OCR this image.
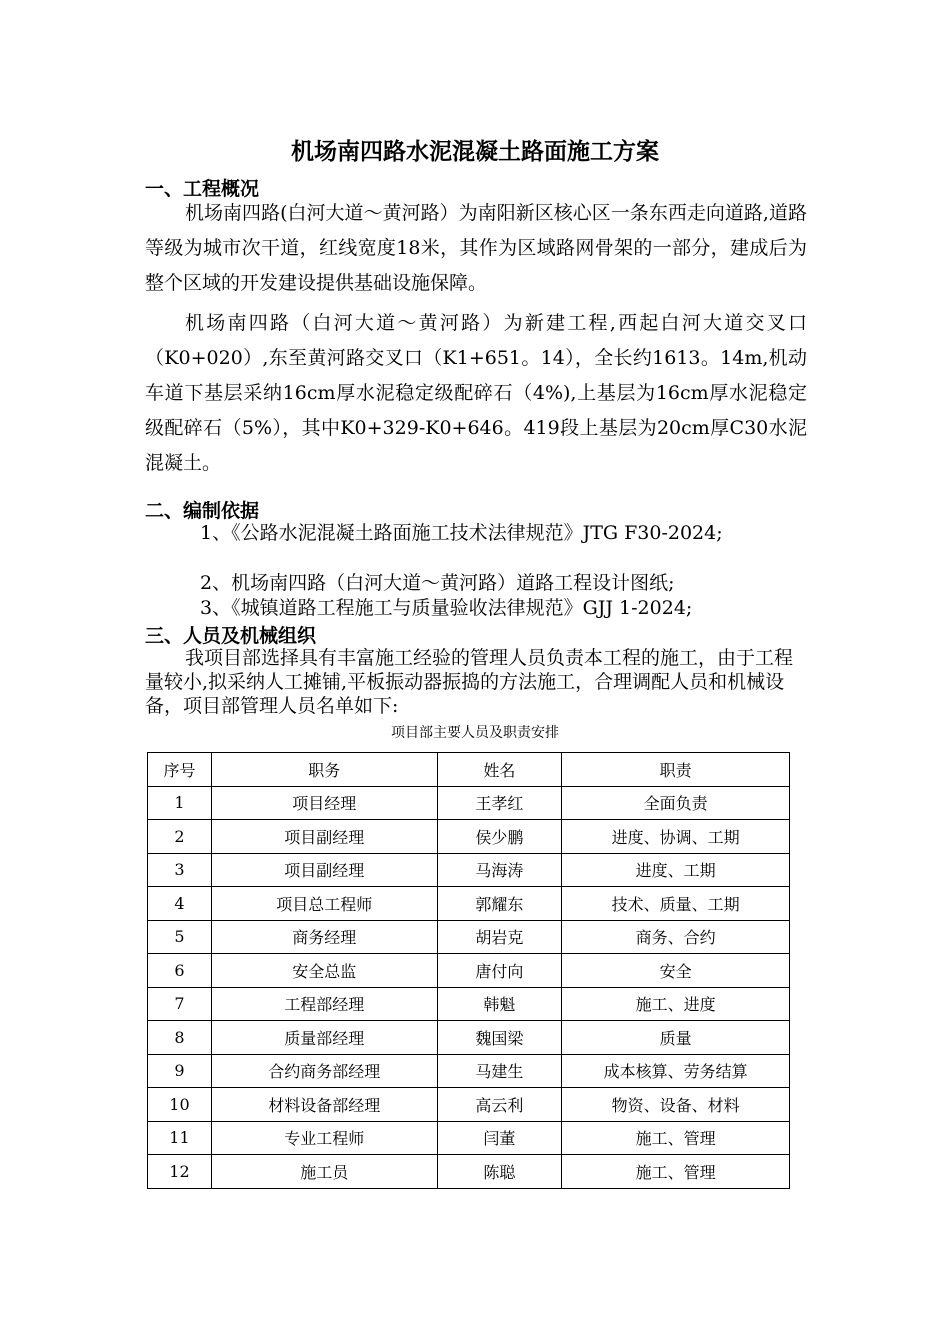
机场南四路水泥混凝土路面施工方案
一、工程概况
机场南四路(白河大道～黄河路）为南阳新区核心区一条东西走向道路,道路等级为城市次干道，红线宽度18米，其作为区域路网骨架的一部分，建成后为整个区域的开发建设提供基础设施保障。
机场南四路（白河大道～黄河路）为新建工程,西起白河大道交叉口（K0+020）,东至黄河路交叉口（K1+651。14），全长约1613。14m,机动车道下基层采纳16cm厚水泥稳定级配碎石（4%),上基层为16cm厚水泥稳定级配碎石（5%），其中K0+329-K0+646。419段上基层为20cm厚C30水泥混凝土。
二、编制依据
1、《公路水泥混凝土路面施工技术法律规范》JTG F30-2024;
2、机场南四路（白河大道～黄河路）道路工程设计图纸;
3、《城镇道路工程施工与质量验收法律规范》GJJ 1-2024;
三、人员及机械组织
我项目部选择具有丰富施工经验的管理人员负责本工程的施工，由于工程量较小,拟采纳人工摊铺,平板振动器振捣的方法施工，合理调配人员和机械设备，项目部管理人员名单如下:
项目部主要人员及职责安排
序号	职务	姓名	职责
1	项目经理	王孝红	全面负责
2	项目副经理	侯少鹏	进度、协调、工期
3	项目副经理	马海涛	进度、工期
4	项目总工程师	郭耀东	技术、质量、工期
5	商务经理	胡岩克	商务、合约
6	安全总监	唐付向	安全
7	工程部经理	韩魁	施工、进度
8	质量部经理	魏国梁	质量
9	合约商务部经理	马建生	成本核算、劳务结算
10	材料设备部经理	高云利	物资、设备、材料
11	专业工程师	闫董	施工、管理
12	施工员	陈聪	施工、管理
